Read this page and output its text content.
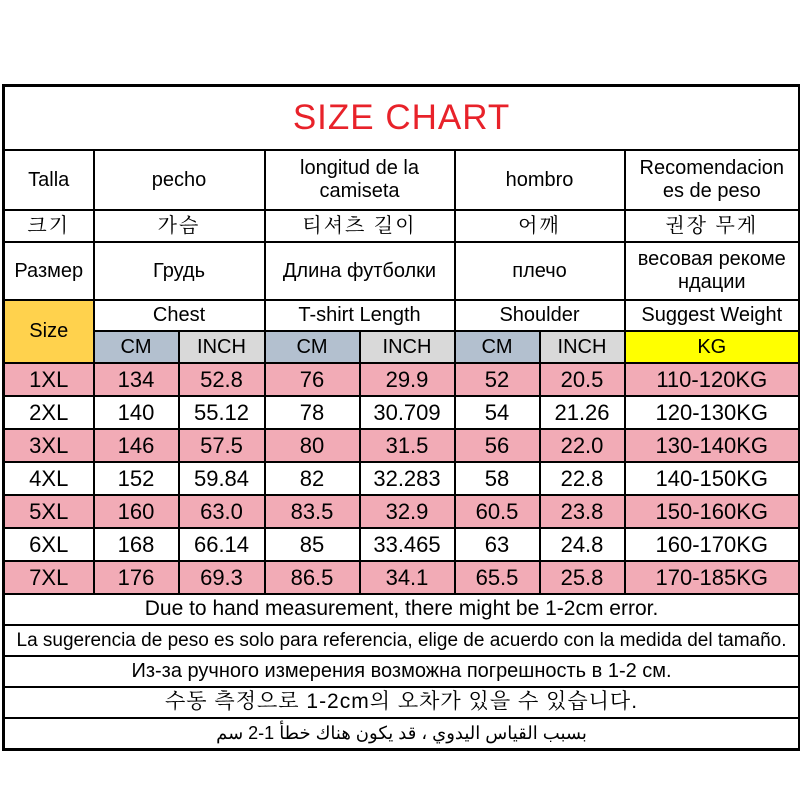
SIZE CHART							
Talla	pecho		longitud de la camiseta		hombro		Recomendacion es de peso
크기	가슴		티셔츠 길이		어깨		권장 무게
Размер	Грудь		Длина футболки		плечо		весовая рекоме ндации
Size	Chest		T-shirt Length		Shoulder		Suggest Weight
	CM	INCH	CM	INCH	CM	INCH	KG
1XL	134	52.8	76	29.9	52	20.5	110-120KG
2XL	140	55.12	78	30.709	54	21.26	120-130KG
3XL	146	57.5	80	31.5	56	22.0	130-140KG
4XL	152	59.84	82	32.283	58	22.8	140-150KG
5XL	160	63.0	83.5	32.9	60.5	23.8	150-160KG
6XL	168	66.14	85	33.465	63	24.8	160-170KG
7XL	176	69.3	86.5	34.1	65.5	25.8	170-185KG
Due to hand measurement, there might be 1-2cm error.							
La sugerencia de peso es solo para referencia, elige de acuerdo con la medida del tamaño.							
Из-за ручного измерения возможна погрешность в 1-2 см.							
수동 측정으로 1-2cm의 오차가 있을 수 있습니다.							
بسبب القياس اليدوي ، قد يكون هناك خطأ 1-2 سم							
